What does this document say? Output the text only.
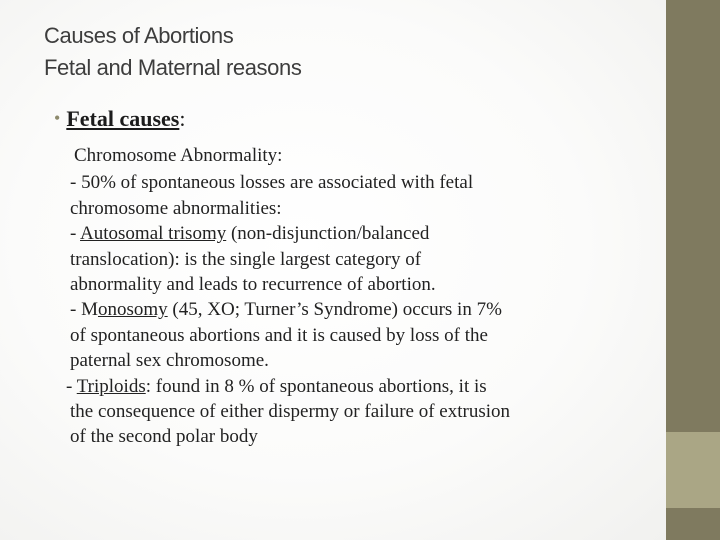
Causes of Abortions
Fetal and Maternal reasons
• Fetal causes:
Chromosome Abnormality:
- 50% of spontaneous losses are associated with fetal
chromosome abnormalities:
- Autosomal trisomy (non-disjunction/balanced
translocation): is the single largest category of
abnormality and leads to recurrence of abortion.
- Monosomy (45, XO; Turner’s Syndrome) occurs in 7%
of spontaneous abortions and it is caused by loss of the
paternal sex chromosome.
- Triploids: found in 8 % of spontaneous abortions, it is
the consequence of either dispermy or failure of extrusion
of the second polar body
